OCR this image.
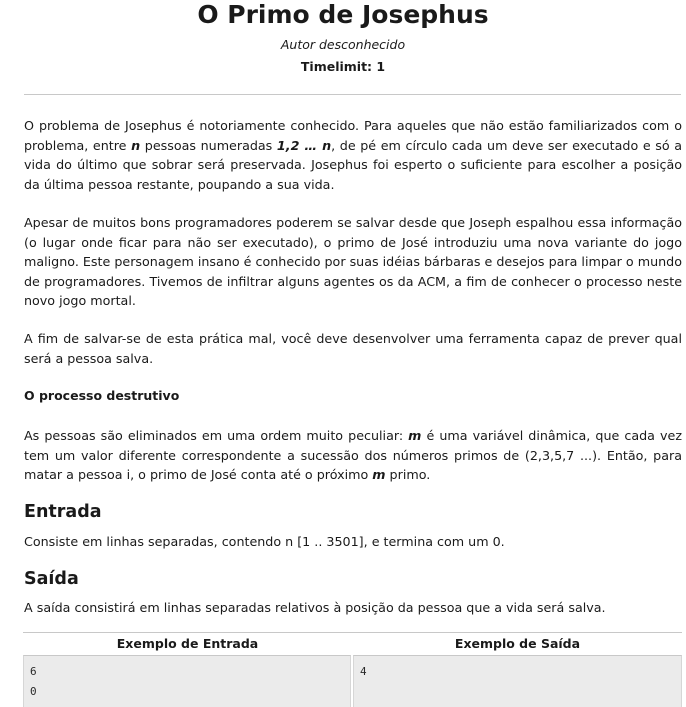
O Primo de Josephus
Autor desconhecido
Timelimit: 1

O problema de Josephus é notoriamente conhecido. Para aqueles que não estão familiarizados com o problema, entre n pessoas numeradas 1,2 … n, de pé em círculo cada um deve ser executado e só a vida do último que sobrar será preservada. Josephus foi esperto o suficiente para escolher a posição da última pessoa restante, poupando a sua vida.

Apesar de muitos bons programadores poderem se salvar desde que Joseph espalhou essa informação (o lugar onde ficar para não ser executado), o primo de José introduziu uma nova variante do jogo maligno. Este personagem insano é conhecido por suas idéias bárbaras e desejos para limpar o mundo de programadores. Tivemos de infiltrar alguns agentes os da ACM, a fim de conhecer o processo neste novo jogo mortal.

A fim de salvar-se de esta prática mal, você deve desenvolver uma ferramenta capaz de prever qual será a pessoa salva.

O processo destrutivo

As pessoas são eliminados em uma ordem muito peculiar: m é uma variável dinâmica, que cada vez tem um valor diferente correspondente a sucessão dos números primos de (2,3,5,7 ...). Então, para matar a pessoa i, o primo de José conta até o próximo m primo.

Entrada

Consiste em linhas separadas, contendo n [1 .. 3501], e termina com um 0.

Saída

A saída consistirá em linhas separadas relativos à posição da pessoa que a vida será salva.

Exemplo de Entrada	Exemplo de Saída
6
0
4
